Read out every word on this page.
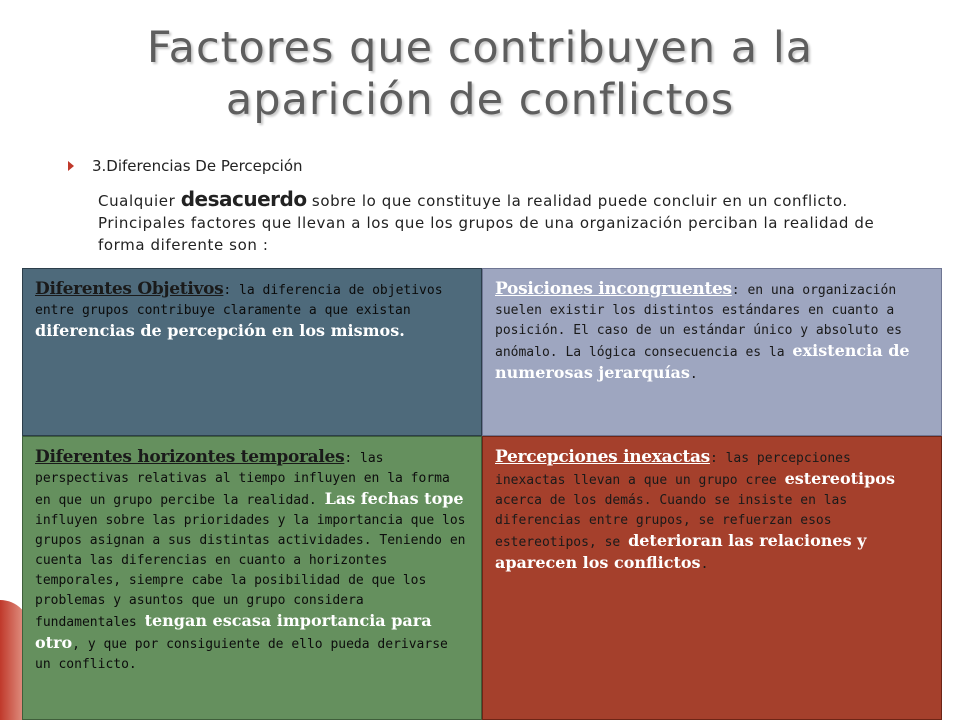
Factores que contribuyen a la
aparición de conflictos
3.Diferencias De Percepción
Cualquier desacuerdo sobre lo que constituye la realidad puede concluir en un conflicto. Principales factores que llevan a los que los grupos de una organización perciban la realidad de forma diferente son :
Diferentes Objetivos: la diferencia de objetivos entre grupos contribuye claramente a que existan diferencias de percepción en los mismos.
Posiciones incongruentes: en una organización suelen existir los distintos estándares en cuanto a posición. El caso de un estándar único y absoluto es anómalo. La lógica consecuencia es la existencia de numerosas jerarquías.
Diferentes horizontes temporales: las perspectivas relativas al tiempo influyen en la forma en que un grupo percibe la realidad. Las fechas tope influyen sobre las prioridades y la importancia que los grupos asignan a sus distintas actividades. Teniendo en cuenta las diferencias en cuanto a horizontes temporales, siempre cabe la posibilidad de que los problemas y asuntos que un grupo considera fundamentales tengan escasa importancia para otro, y que por consiguiente de ello pueda derivarse un conflicto.
Percepciones inexactas: las percepciones inexactas llevan a que un grupo cree estereotipos acerca de los demás. Cuando se insiste en las diferencias entre grupos, se refuerzan esos estereotipos, se deterioran las relaciones y aparecen los conflictos.
